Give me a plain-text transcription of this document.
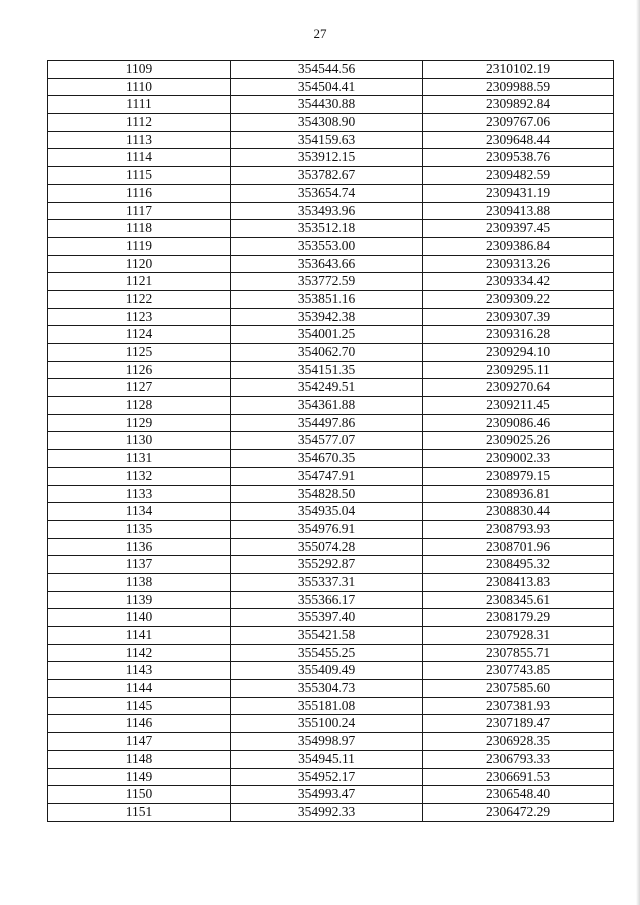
27
1109	354544.56	2310102.19
1110	354504.41	2309988.59
1111	354430.88	2309892.84
1112	354308.90	2309767.06
1113	354159.63	2309648.44
1114	353912.15	2309538.76
1115	353782.67	2309482.59
1116	353654.74	2309431.19
1117	353493.96	2309413.88
1118	353512.18	2309397.45
1119	353553.00	2309386.84
1120	353643.66	2309313.26
1121	353772.59	2309334.42
1122	353851.16	2309309.22
1123	353942.38	2309307.39
1124	354001.25	2309316.28
1125	354062.70	2309294.10
1126	354151.35	2309295.11
1127	354249.51	2309270.64
1128	354361.88	2309211.45
1129	354497.86	2309086.46
1130	354577.07	2309025.26
1131	354670.35	2309002.33
1132	354747.91	2308979.15
1133	354828.50	2308936.81
1134	354935.04	2308830.44
1135	354976.91	2308793.93
1136	355074.28	2308701.96
1137	355292.87	2308495.32
1138	355337.31	2308413.83
1139	355366.17	2308345.61
1140	355397.40	2308179.29
1141	355421.58	2307928.31
1142	355455.25	2307855.71
1143	355409.49	2307743.85
1144	355304.73	2307585.60
1145	355181.08	2307381.93
1146	355100.24	2307189.47
1147	354998.97	2306928.35
1148	354945.11	2306793.33
1149	354952.17	2306691.53
1150	354993.47	2306548.40
1151	354992.33	2306472.29
